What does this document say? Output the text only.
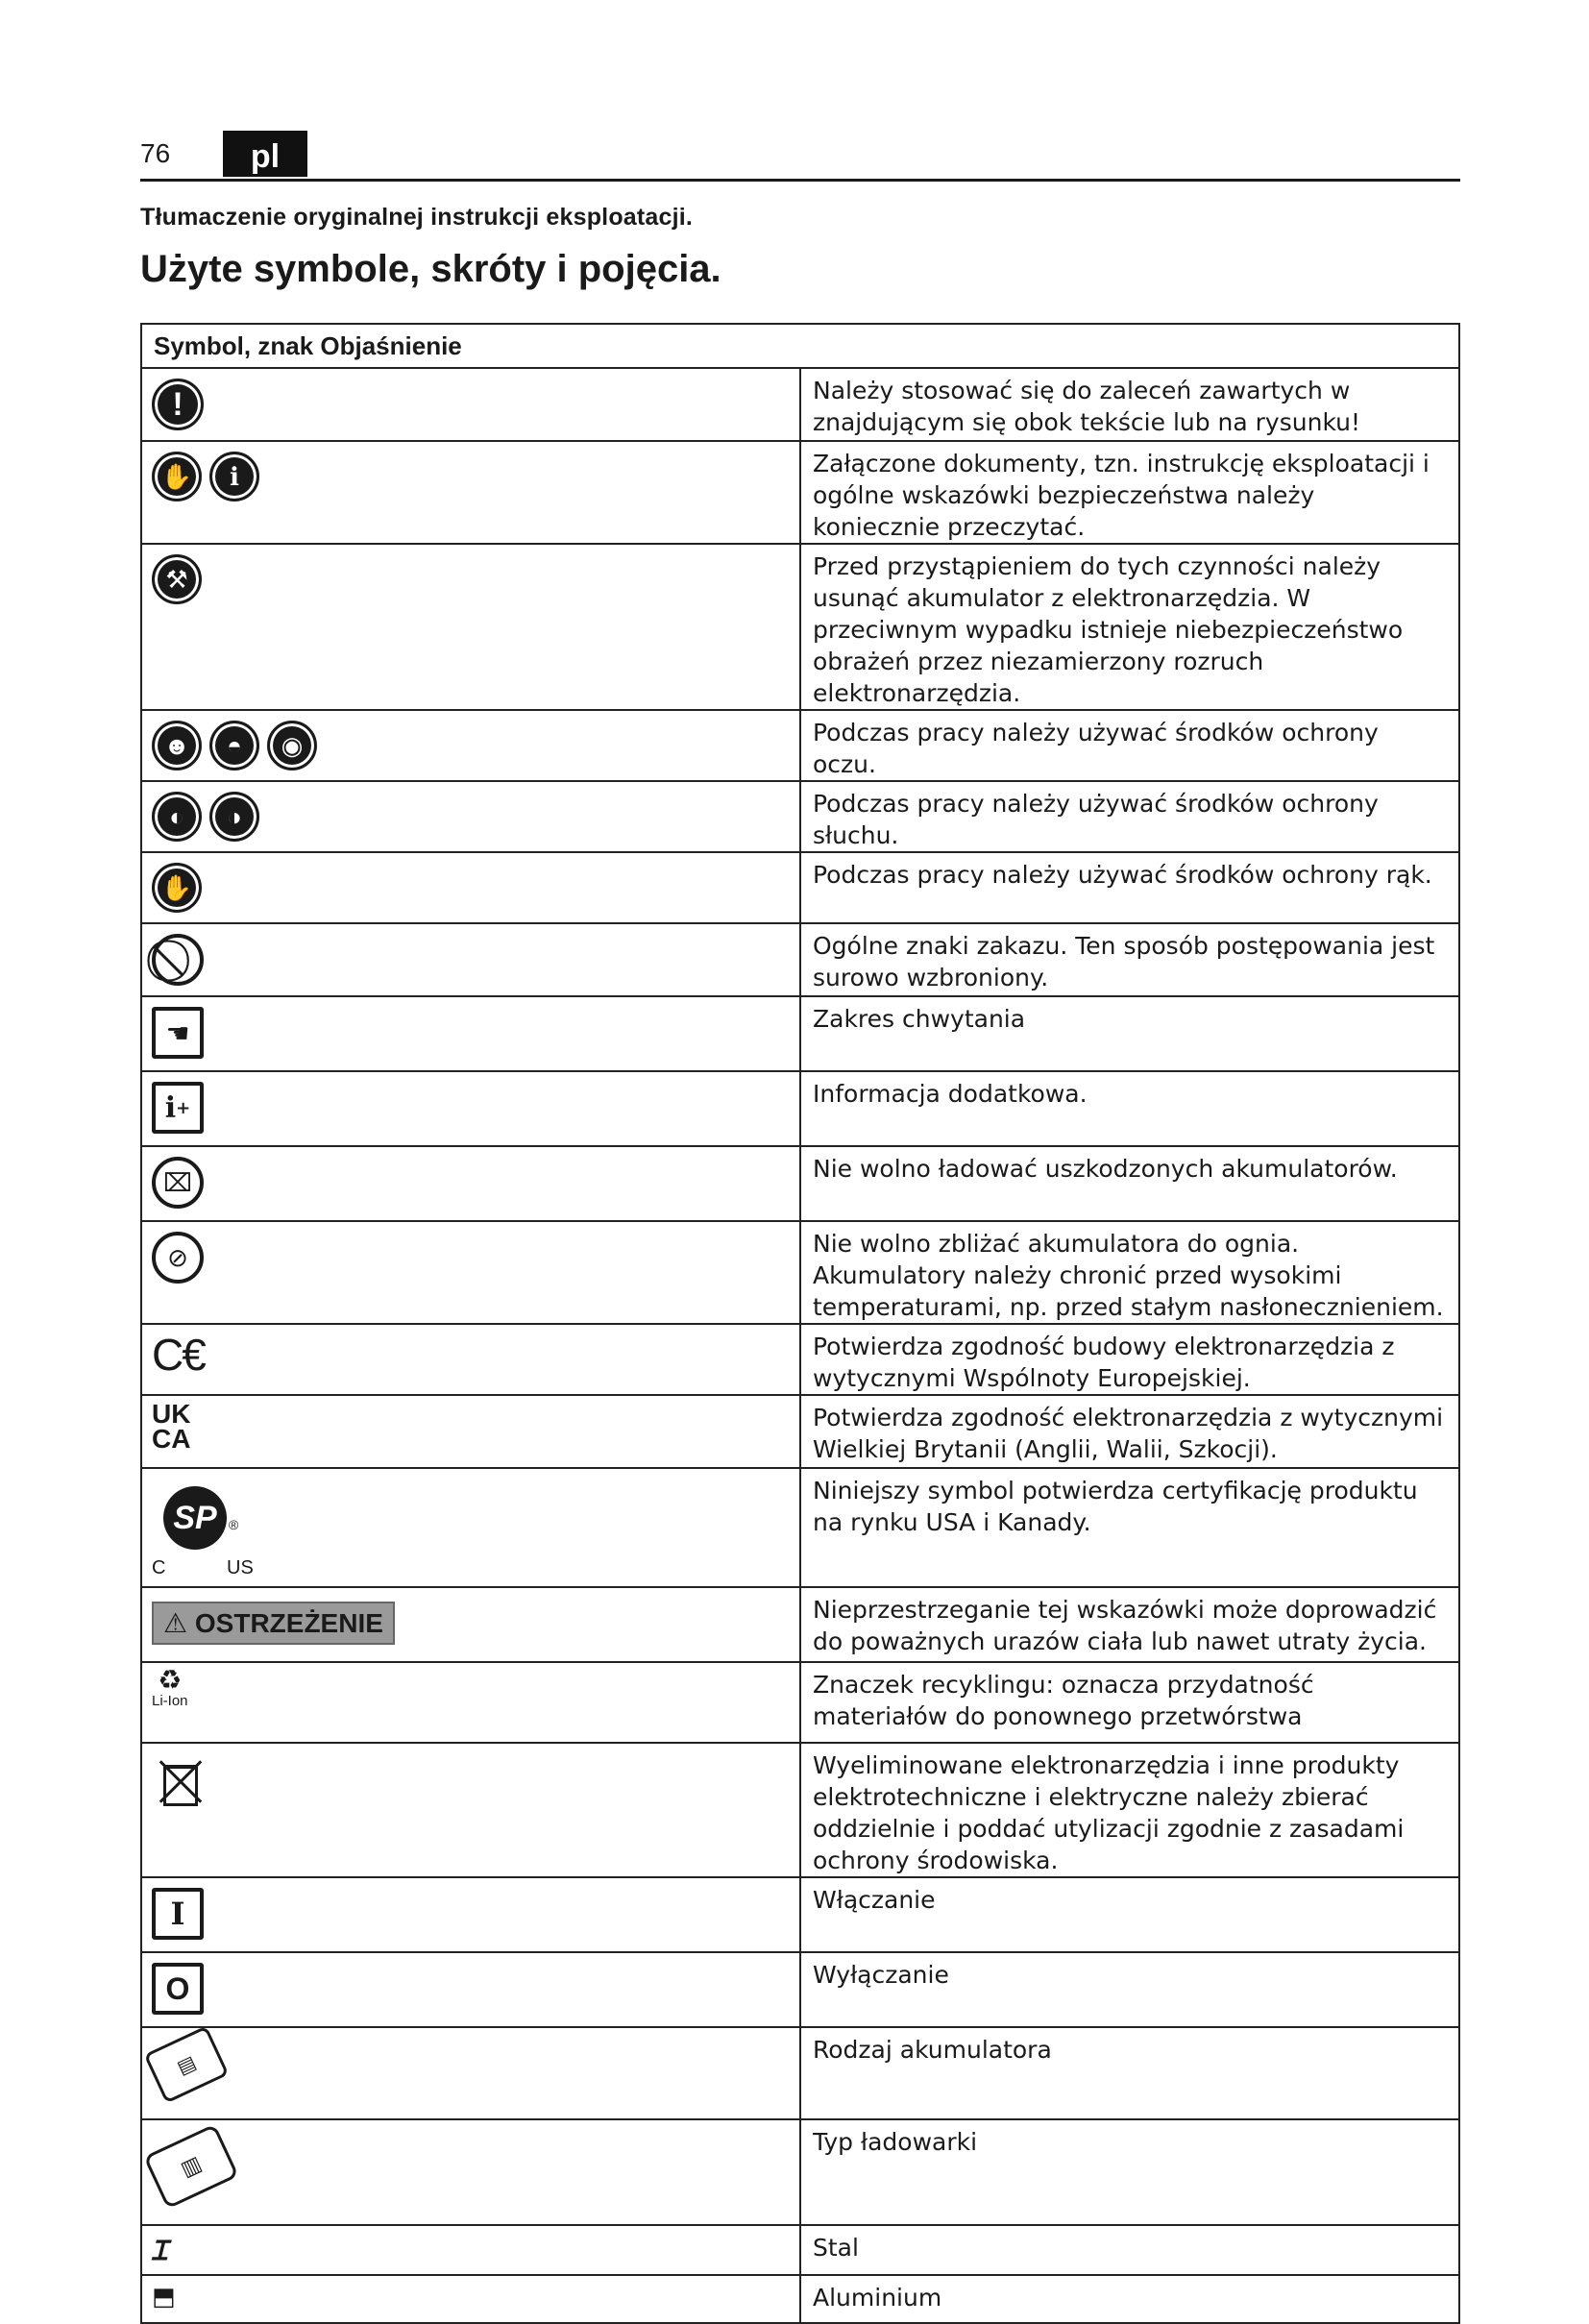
76	pl
Tłumaczenie oryginalnej instrukcji eksploatacji.
Użyte symbole, skróty i pojęcia.
Symbol, znak Objaśnienie	

!	Należy stosować się do zaleceń zawartych w znajdującym się obok tekście lub na rysunku!

✋ ℹ	Załączone dokumenty, tzn. instrukcję eksploatacji i ogólne wskazówki bezpieczeństwa należy koniecznie przeczytać.

⚒	Przed przystąpieniem do tych czynności należy usunąć akumulator z elektronarzędzia. W przeciwnym wypadku istnieje niebezpieczeństwo obrażeń przez niezamierzony rozruch elektronarzędzia.

☻ ◓ ◉	Podczas pracy należy używać środków ochrony oczu.

◐ ◑	Podczas pracy należy używać środków ochrony słuchu.

✋	Podczas pracy należy używać środków ochrony rąk.

	Ogólne znaki zakazu. Ten sposób postępowania jest surowo wzbroniony.

☚	Zakres chwytania

i +	Informacja dodatkowa.

⌧	Nie wolno ładować uszkodzonych akumulatorów.

⊘	Nie wolno zbliżać akumulatora do ognia. Akumulatory należy chronić przed wysokimi temperaturami, np. przed stałym nasłonecznieniem.

C€	Potwierdza zgodność budowy elektronarzędzia z wytycznymi Wspólnoty Europejskiej.

UK
CA	Potwierdza zgodność elektronarzędzia z wytycznymi Wielkiej Brytanii (Anglii, Walii, Szkocji).

SP ®
C US	Niniejszy symbol potwierdza certyfikację produktu na rynku USA i Kanady.

⚠ OSTRZEŻENIE	Nieprzestrzeganie tej wskazówki może doprowadzić do poważnych urazów ciała lub nawet utraty życia.

♻
Li-Ion	Znaczek recyklingu: oznacza przydatność materiałów do ponownego przetwórstwa

	Wyeliminowane elektronarzędzia i inne produkty elektrotechniczne i elektryczne należy zbierać oddzielnie i poddać utylizacji zgodnie z zasadami ochrony środowiska.

I	Włączanie

O	Wyłączanie

▤	Rodzaj akumulatora

▥	Typ ładowarki

Ɪ	Stal

⬒	Aluminium
